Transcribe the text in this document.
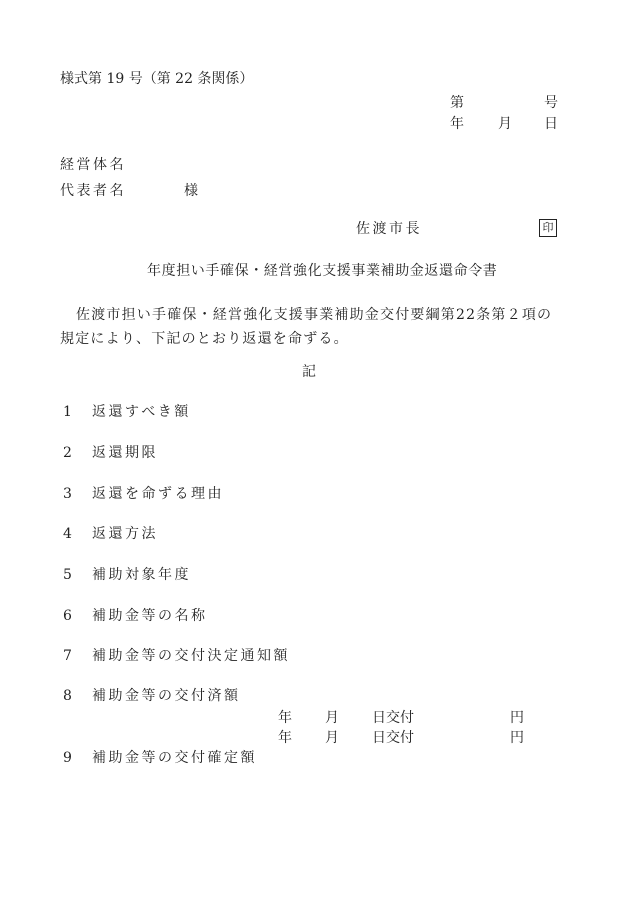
様式第 19 号（第 22 条関係）
第	号
年 月 日
経営体名
代表者名	様
佐渡市長	印
年度担い手確保・経営強化支援事業補助金返還命令書
佐渡市担い手確保・経営強化支援事業補助金交付要綱第22条第２項の規定により、下記のとおり返還を命ずる。
記
1 返還すべき額
2 返還期限
3 返還を命ずる理由
4 返還方法
5 補助対象年度
6 補助金等の名称
7 補助金等の交付決定通知額
8 補助金等の交付済額
9 補助金等の交付確定額
年 月 日交付	円
年 月 日交付	円
